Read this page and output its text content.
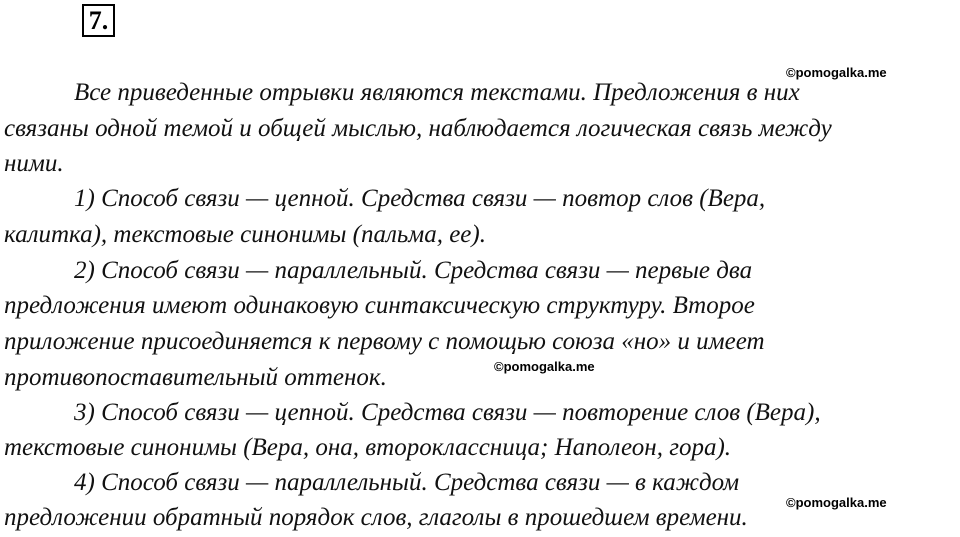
7.
©pomogalka.me
Все приведенные отрывки являются текстами. Предложения в них
связаны одной темой и общей мыслью, наблюдается логическая связь между
ними.
1) Способ связи — цепной. Средства связи — повтор слов (Вера,
калитка), текстовые синонимы (пальма, ее).
2) Способ связи — параллельный. Средства связи — первые два
предложения имеют одинаковую синтаксическую структуру. Второе
приложение присоединяется к первому с помощью союза «но» и имеет
©pomogalka.me
противопоставительный оттенок.
3) Способ связи — цепной. Средства связи — повторение слов (Вера),
текстовые синонимы (Вера, она, второклассница; Наполеон, гора).
4) Способ связи — параллельный. Средства связи — в каждом
©pomogalka.me
предложении обратный порядок слов, глаголы в прошедшем времени.
